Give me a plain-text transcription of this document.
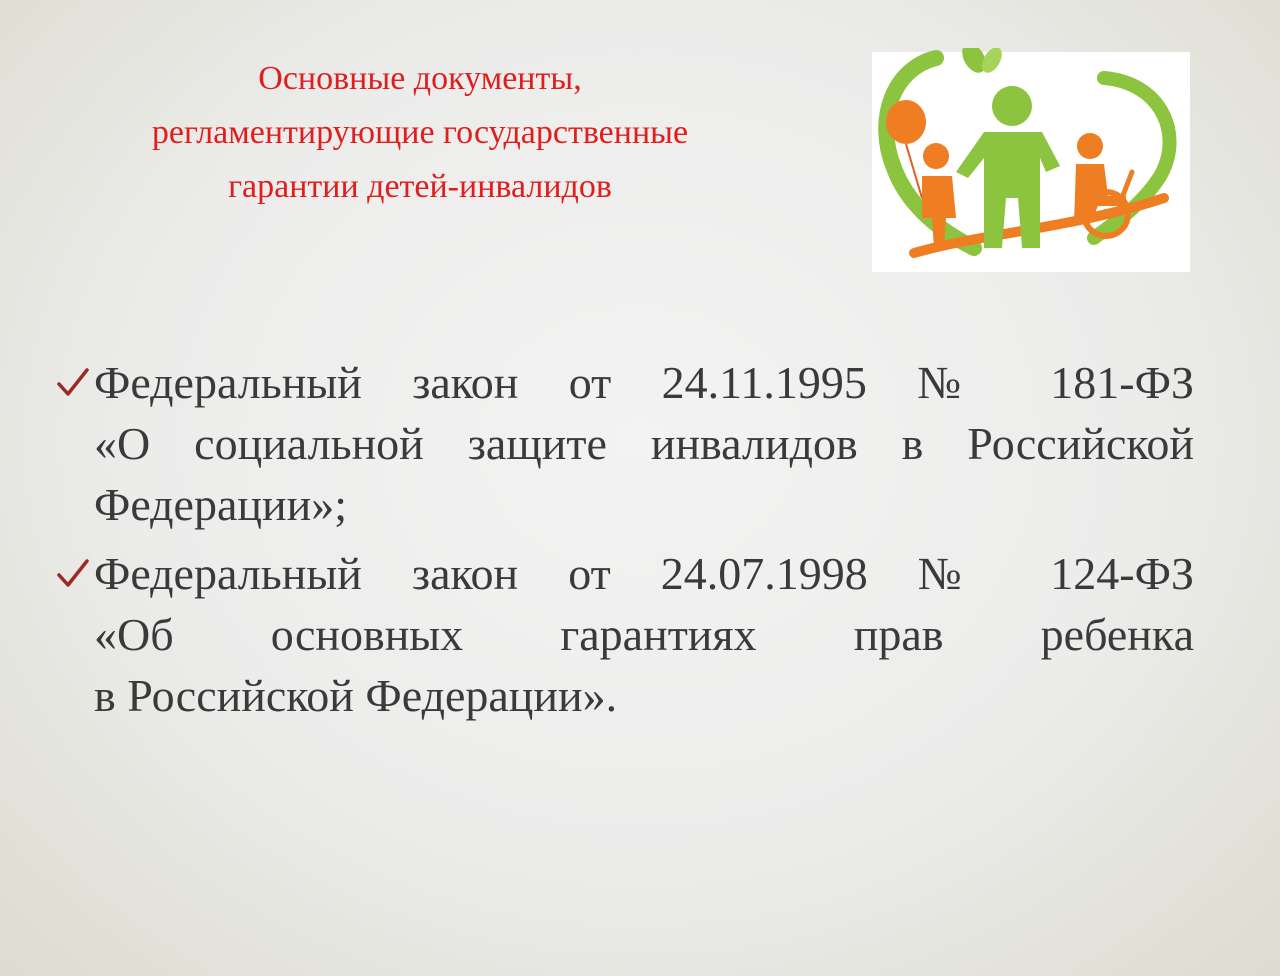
Основные документы,
регламентирующие государственные
гарантии детей-инвалидов
Федеральный закон от 24.11.1995 № 181-ФЗ
«О социальной защите инвалидов в Российской
Федерации»;
Федеральный закон от 24.07.1998 № 124-ФЗ
«Об основных гарантиях прав ребенка
в Российской Федерации».
